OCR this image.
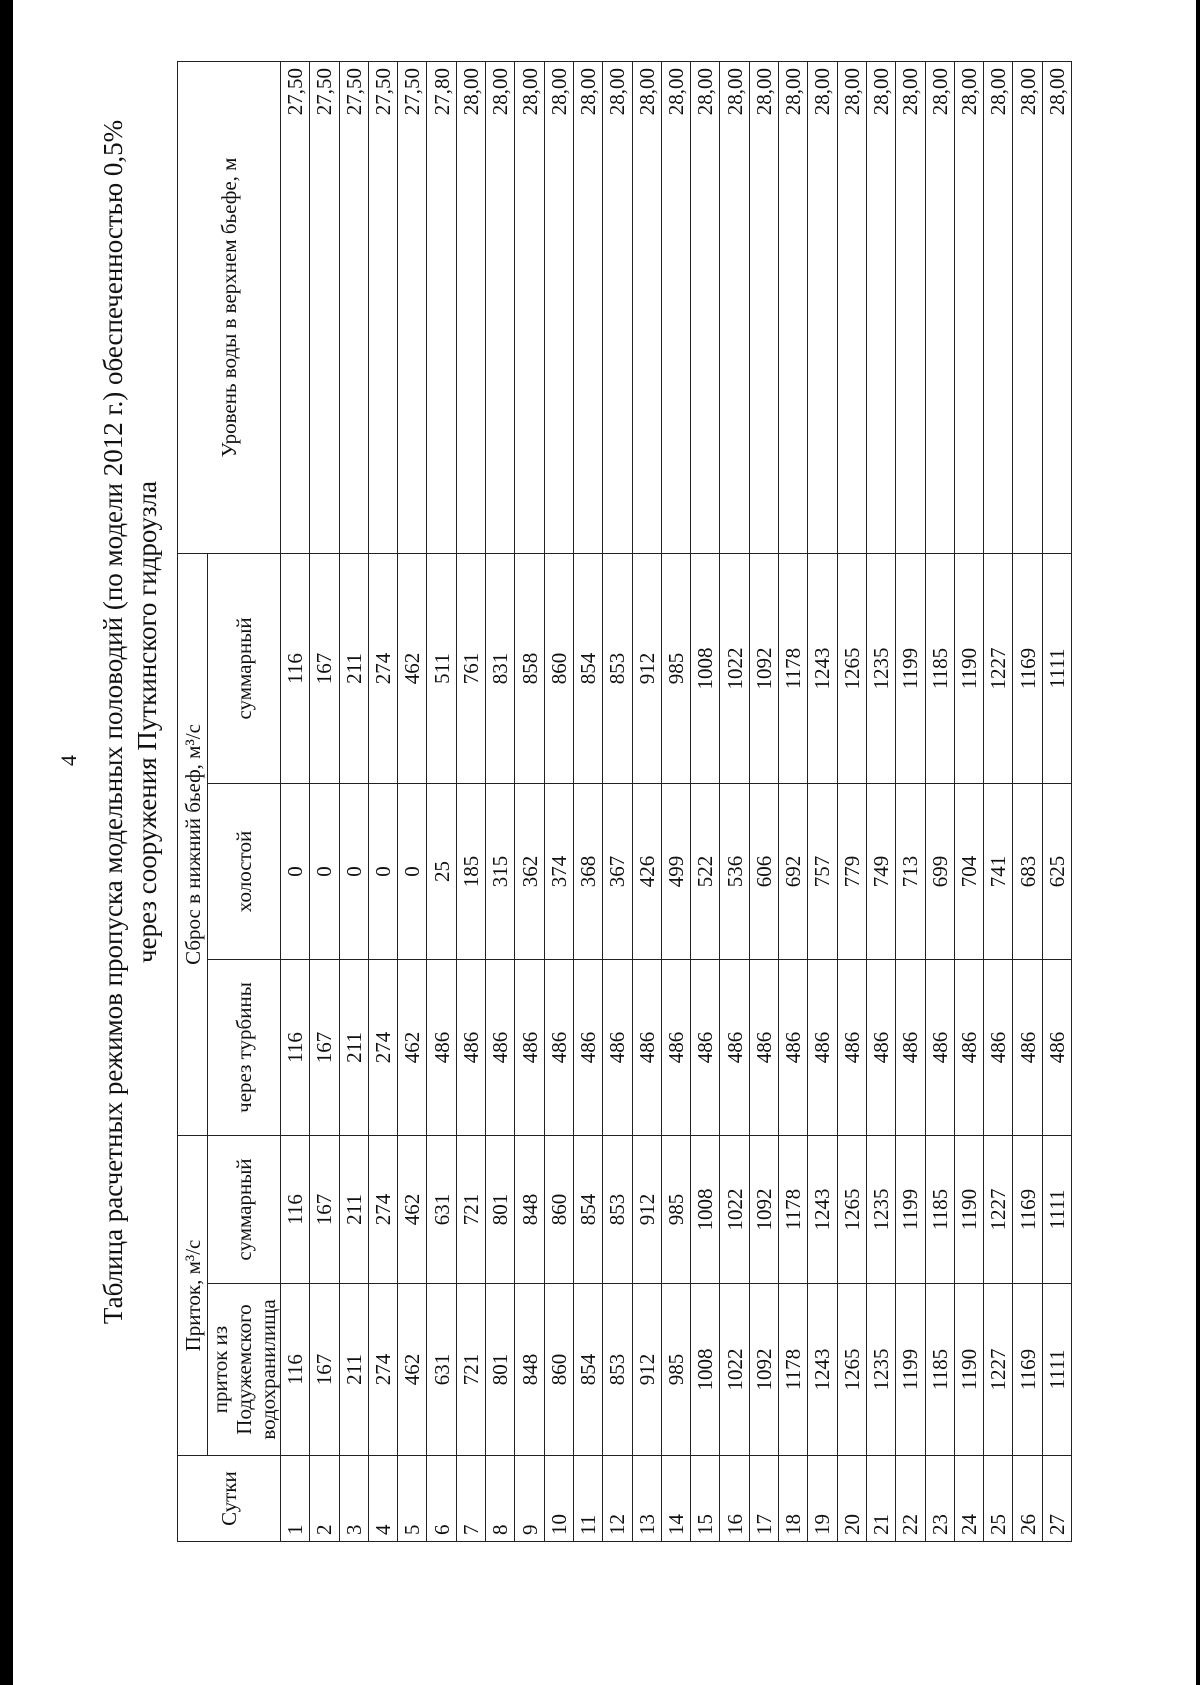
4 Таблица расчетных режимов пропуска модельных половодий (по модели 2012 г.) обеспеченностью 0,5% через сооружения Путкинского гидроузла
Сутки	Приток, м³/с		Сброс в нижний бьеф, м³/с			Уровень воды в верхнем бьефе, м
	приток из Подужемского водохранилища	суммарный	через турбины	холостой	суммарный	
1	116	116	116	0	116	27,50
2	167	167	167	0	167	27,50
3	211	211	211	0	211	27,50
4	274	274	274	0	274	27,50
5	462	462	462	0	462	27,50
6	631	631	486	25	511	27,80
7	721	721	486	185	761	28,00
8	801	801	486	315	831	28,00
9	848	848	486	362	858	28,00
10	860	860	486	374	860	28,00
11	854	854	486	368	854	28,00
12	853	853	486	367	853	28,00
13	912	912	486	426	912	28,00
14	985	985	486	499	985	28,00
15	1008	1008	486	522	1008	28,00
16	1022	1022	486	536	1022	28,00
17	1092	1092	486	606	1092	28,00
18	1178	1178	486	692	1178	28,00
19	1243	1243	486	757	1243	28,00
20	1265	1265	486	779	1265	28,00
21	1235	1235	486	749	1235	28,00
22	1199	1199	486	713	1199	28,00
23	1185	1185	486	699	1185	28,00
24	1190	1190	486	704	1190	28,00
25	1227	1227	486	741	1227	28,00
26	1169	1169	486	683	1169	28,00
27	1111	1111	486	625	1111	28,00
